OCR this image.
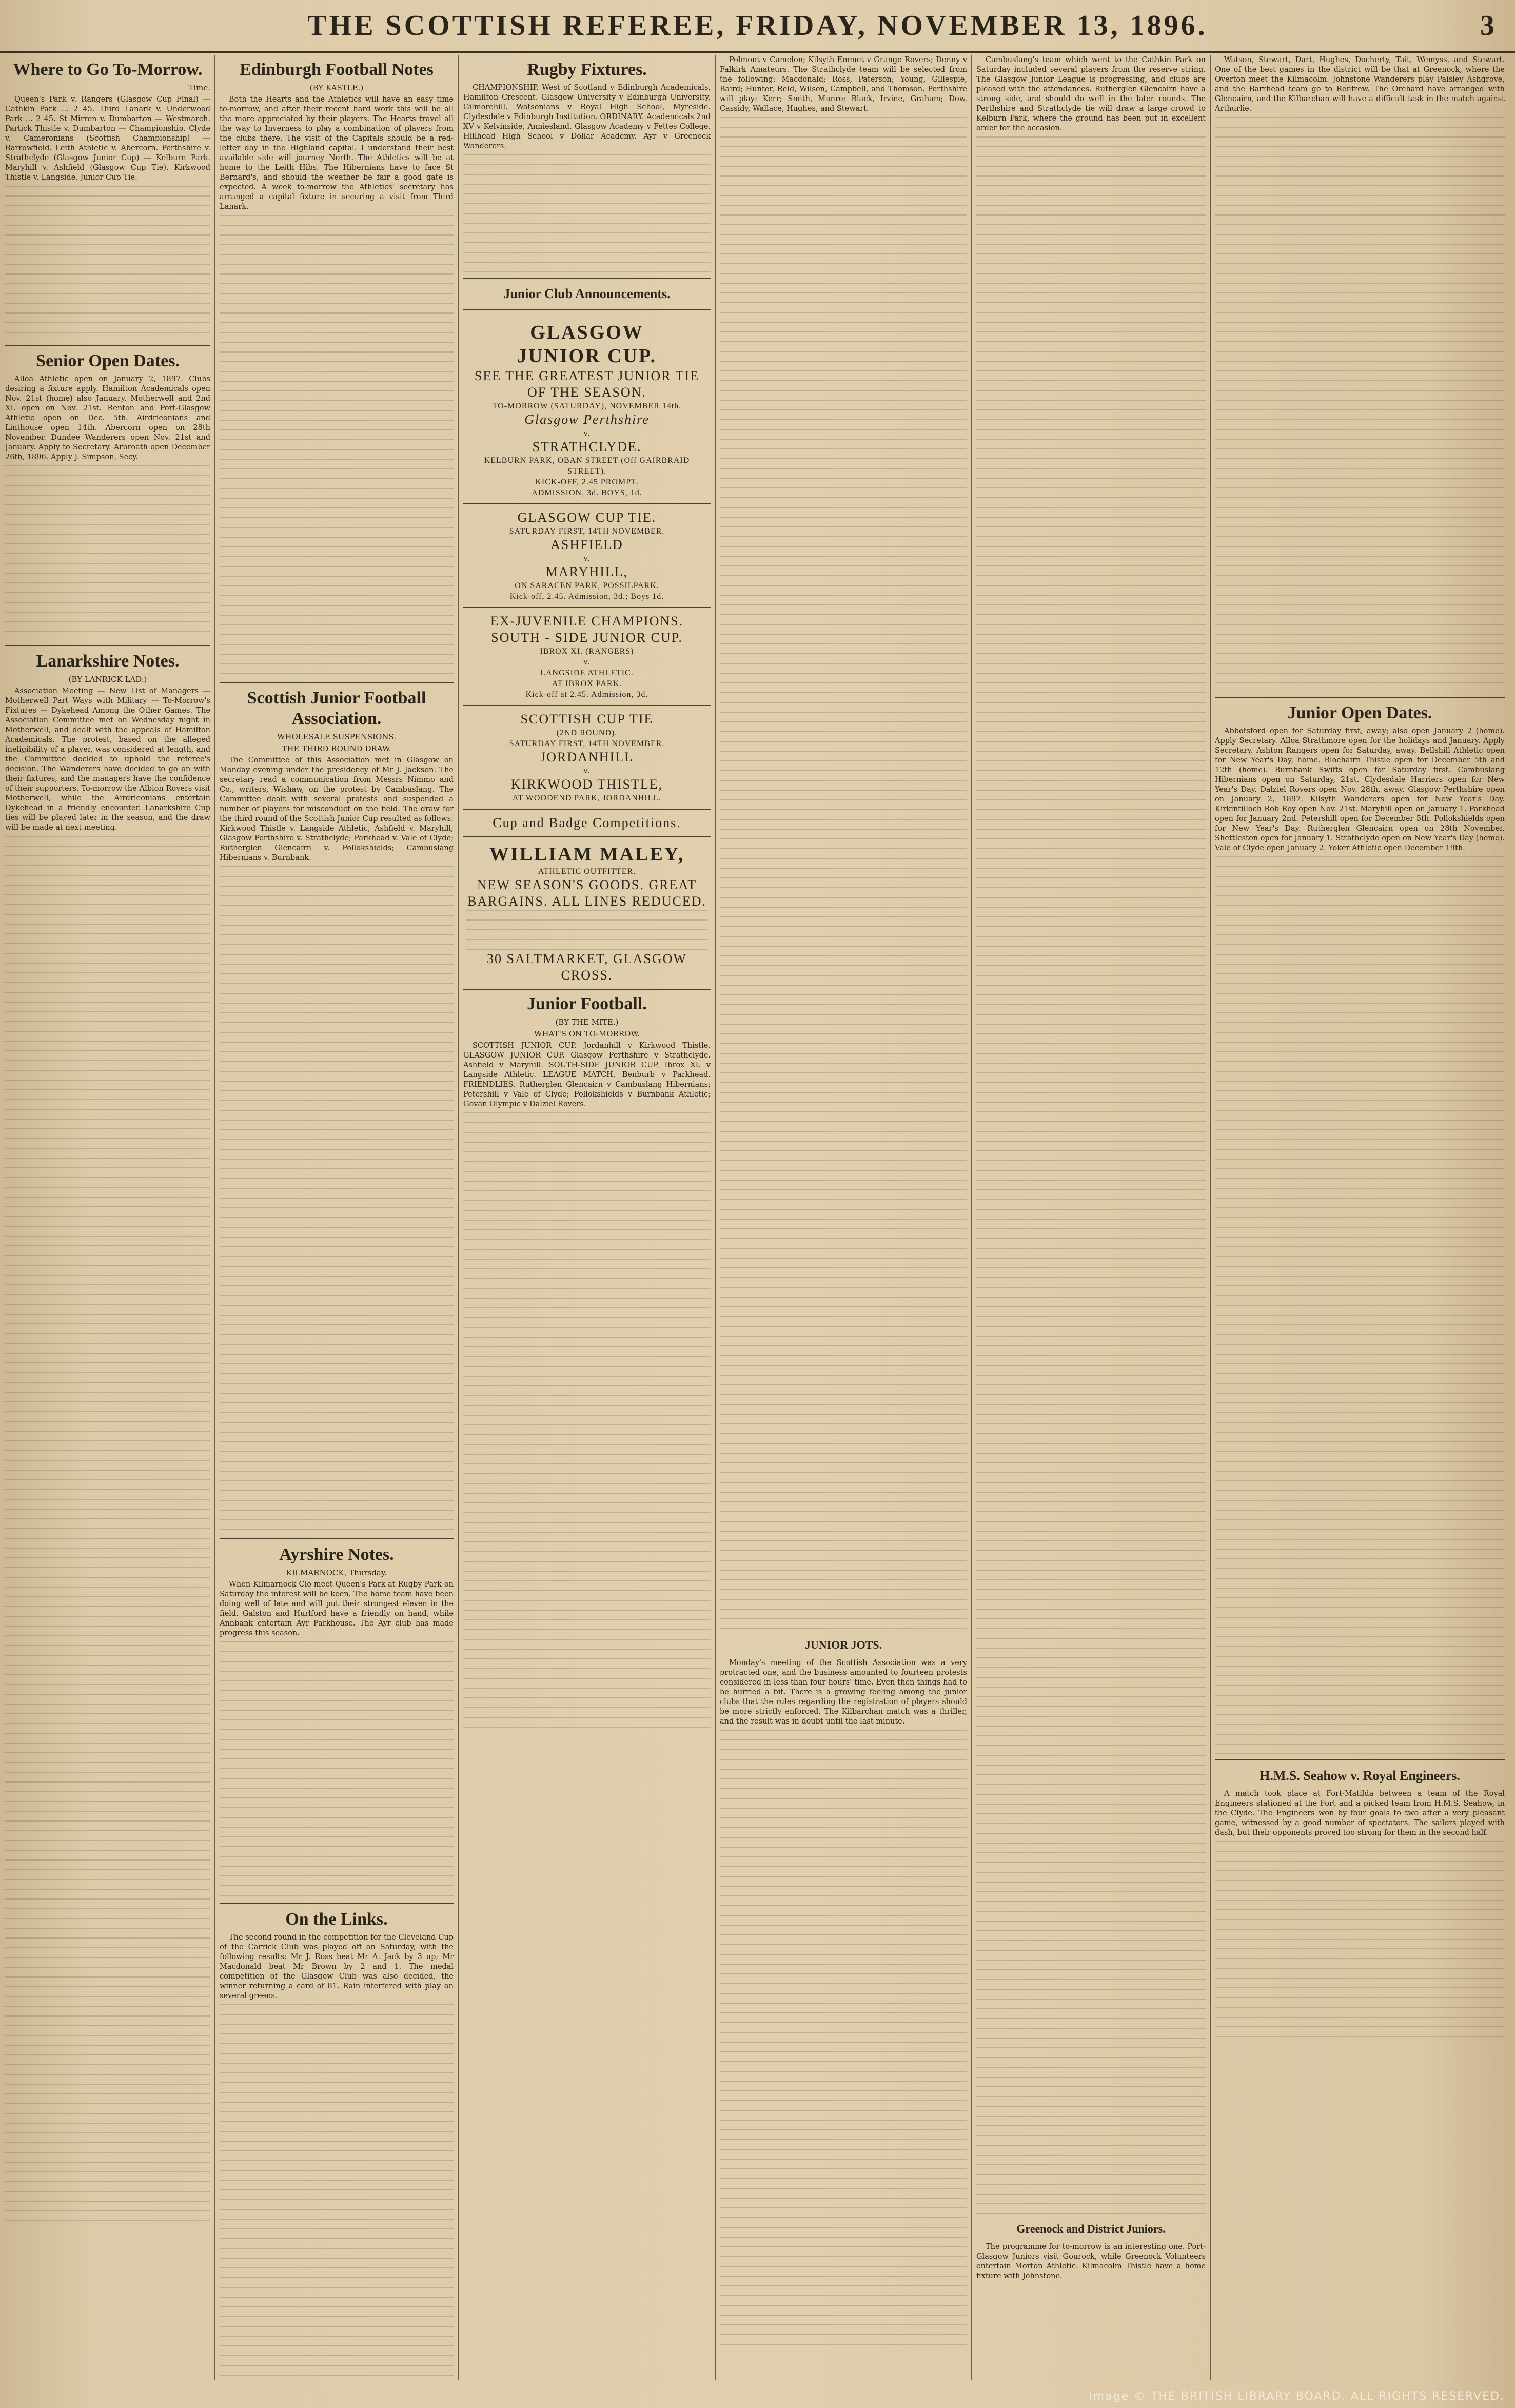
THE SCOTTISH REFEREE, FRIDAY, NOVEMBER 13, 1896.	3
Where to Go To-Morrow.
Time.

Queen's Park v. Rangers (Glasgow Cup Final) — Cathkin Park ... 2 45. Third Lanark v. Underwood Park ... 2 45. St Mirren v. Dumbarton — Westmarch. Partick Thistle v. Dumbarton — Championship. Clyde v. Cameronians (Scottish Championship) — Barrowfield. Leith Athletic v. Abercorn. Perthshire v. Strathclyde (Glasgow Junior Cup) — Kelburn Park. Maryhill v. Ashfield (Glasgow Cup Tie). Kirkwood Thistle v. Langside. Junior Cup Tie.

Senior Open Dates.

Alloa Athletic open on January 2, 1897. Clubs desiring a fixture apply. Hamilton Academicals open Nov. 21st (home) also January. Motherwell and 2nd XI. open on Nov. 21st. Renton and Port-Glasgow Athletic open on Dec. 5th. Airdrieonians and Linthouse open 14th. Abercorn open on 28th November. Dundee Wanderers open Nov. 21st and January. Apply to Secretary. Arbroath open December 26th, 1896. Apply J. Simpson, Secy.

Lanarkshire Notes.
(BY LANRICK LAD.)

Association Meeting — New List of Managers — Motherwell Part Ways with Military — To-Morrow's Fixtures — Dykehead Among the Other Games. The Association Committee met on Wednesday night in Motherwell, and dealt with the appeals of Hamilton Academicals. The protest, based on the alleged ineligibility of a player, was considered at length, and the Committee decided to uphold the referee's decision. The Wanderers have decided to go on with their fixtures, and the managers have the confidence of their supporters. To-morrow the Albion Rovers visit Motherwell, while the Airdrieonians entertain Dykehead in a friendly encounter. Lanarkshire Cup ties will be played later in the season, and the draw will be made at next meeting.

Edinburgh Football Notes
(BY KASTLE.)

Both the Hearts and the Athletics will have an easy time to-morrow, and after their recent hard work this will be all the more appreciated by their players. The Hearts travel all the way to Inverness to play a combination of players from the clubs there. The visit of the Capitals should be a red-letter day in the Highland capital. I understand their best available side will journey North. The Athletics will be at home to the Leith Hibs. The Hibernians have to face St Bernard's, and should the weather be fair a good gate is expected. A week to-morrow the Athletics' secretary has arranged a capital fixture in securing a visit from Third Lanark.

Scottish Junior Football Association.
WHOLESALE SUSPENSIONS.
THE THIRD ROUND DRAW.

The Committee of this Association met in Glasgow on Monday evening under the presidency of Mr J. Jackson. The secretary read a communication from Messrs Nimmo and Co., writers, Wishaw, on the protest by Cambuslang. The Committee dealt with several protests and suspended a number of players for misconduct on the field. The draw for the third round of the Scottish Junior Cup resulted as follows: Kirkwood Thistle v. Langside Athletic; Ashfield v. Maryhill; Glasgow Perthshire v. Strathclyde; Parkhead v. Vale of Clyde; Rutherglen Glencairn v. Pollokshields; Cambuslang Hibernians v. Burnbank.

Ayrshire Notes.
KILMARNOCK, Thursday.

When Kilmarnock Clo meet Queen's Park at Rugby Park on Saturday the interest will be keen. The home team have been doing well of late and will put their strongest eleven in the field. Galston and Hurlford have a friendly on hand, while Annbank entertain Ayr Parkhouse. The Ayr club has made progress this season.

On the Links.

The second round in the competition for the Cleveland Cup of the Carrick Club was played off on Saturday, with the following results: Mr J. Ross beat Mr A. Jack by 3 up; Mr Macdonald beat Mr Brown by 2 and 1. The medal competition of the Glasgow Club was also decided, the winner returning a card of 81. Rain interfered with play on several greens.

Rugby Fixtures.

CHAMPIONSHIP. West of Scotland v Edinburgh Academicals, Hamilton Crescent. Glasgow University v Edinburgh University, Gilmorehill. Watsonians v Royal High School, Myreside. Clydesdale v Edinburgh Institution. ORDINARY. Academicals 2nd XV v Kelvinside, Anniesland. Glasgow Academy v Fettes College. Hillhead High School v Dollar Academy. Ayr v Greenock Wanderers.

Junior Club Announcements.
GLASGOW
JUNIOR CUP.
SEE THE GREATEST JUNIOR TIE OF THE SEASON.
TO-MORROW (SATURDAY), NOVEMBER 14th.
Glasgow Perthshire
v.
STRATHCLYDE.
KELBURN PARK, OBAN STREET (Off GAIRBRAID STREET).
KICK-OFF, 2.45 PROMPT.
ADMISSION, 3d. BOYS, 1d.
GLASGOW CUP TIE.
SATURDAY FIRST, 14TH NOVEMBER.
ASHFIELD
v.
MARYHILL,
ON SARACEN PARK, POSSILPARK.
Kick-off, 2.45. Admission, 3d.; Boys 1d.
EX-JUVENILE CHAMPIONS.
SOUTH - SIDE JUNIOR CUP.
IBROX XI. (RANGERS)
v.
LANGSIDE ATHLETIC.
AT IBROX PARK.
Kick-off at 2.45. Admission, 3d.
SCOTTISH CUP TIE
(2ND ROUND).
SATURDAY FIRST, 14TH NOVEMBER.
JORDANHILL
v.
KIRKWOOD THISTLE,
AT WOODEND PARK, JORDANHILL.
Cup and Badge Competitions.
WILLIAM MALEY,
ATHLETIC OUTFITTER.
NEW SEASON'S GOODS. GREAT BARGAINS. ALL LINES REDUCED.
30 SALTMARKET, GLASGOW CROSS.
Junior Football.
(BY THE MITE.)
WHAT'S ON TO-MORROW.

SCOTTISH JUNIOR CUP. Jordanhill v Kirkwood Thistle. GLASGOW JUNIOR CUP. Glasgow Perthshire v Strathclyde. Ashfield v Maryhill. SOUTH-SIDE JUNIOR CUP. Ibrox XI. v Langside Athletic. LEAGUE MATCH. Benburb v Parkhead. FRIENDLIES. Rutherglen Glencairn v Cambuslang Hibernians; Petershill v Vale of Clyde; Pollokshields v Burnbank Athletic; Govan Olympic v Dalziel Rovers.

Polmont v Camelon; Kilsyth Emmet v Grange Rovers; Denny v Falkirk Amateurs. The Strathclyde team will be selected from the following: Macdonald; Ross, Paterson; Young, Gillespie, Baird; Hunter, Reid, Wilson, Campbell, and Thomson. Perthshire will play: Kerr; Smith, Munro; Black, Irvine, Graham; Dow, Cassidy, Wallace, Hughes, and Stewart.

JUNIOR JOTS.

Monday's meeting of the Scottish Association was a very protracted one, and the business amounted to fourteen protests considered in less than four hours' time. Even then things had to be hurried a bit. There is a growing feeling among the junior clubs that the rules regarding the registration of players should be more strictly enforced. The Kilbarchan match was a thriller, and the result was in doubt until the last minute.

Cambuslang's team which went to the Cathkin Park on Saturday included several players from the reserve string. The Glasgow Junior League is progressing, and clubs are pleased with the attendances. Rutherglen Glencairn have a strong side, and should do well in the later rounds. The Perthshire and Strathclyde tie will draw a large crowd to Kelburn Park, where the ground has been put in excellent order for the occasion.

Greenock and District Juniors.

The programme for to-morrow is an interesting one. Port-Glasgow Juniors visit Gourock, while Greenock Volunteers entertain Morton Athletic. Kilmacolm Thistle have a home fixture with Johnstone.

Watson, Stewart, Dart, Hughes, Docherty, Tait, Wemyss, and Stewart. One of the best games in the district will be that at Greenock, where the Overton meet the Kilmacolm. Johnstone Wanderers play Paisley Ashgrove, and the Barrhead team go to Renfrew. The Orchard have arranged with Glencairn, and the Kilbarchan will have a difficult task in the match against Arthurlie.

Junior Open Dates.

Abbotsford open for Saturday first, away; also open January 2 (home). Apply Secretary. Alloa Strathmore open for the holidays and January. Apply Secretary. Ashton Rangers open for Saturday, away. Bellshill Athletic open for New Year's Day, home. Blochairn Thistle open for December 5th and 12th (home). Burnbank Swifts open for Saturday first. Cambuslang Hibernians open on Saturday, 21st. Clydesdale Harriers open for New Year's Day. Dalziel Rovers open Nov. 28th, away. Glasgow Perthshire open on January 2, 1897. Kilsyth Wanderers open for New Year's Day. Kirkintilloch Rob Roy open Nov. 21st. Maryhill open on January 1. Parkhead open for January 2nd. Petershill open for December 5th. Pollokshields open for New Year's Day. Rutherglen Glencairn open on 28th November. Shettleston open for January 1. Strathclyde open on New Year's Day (home). Vale of Clyde open January 2. Yoker Athletic open December 19th.

H.M.S. Seahow v. Royal Engineers.

A match took place at Fort-Matilda between a team of the Royal Engineers stationed at the Fort and a picked team from H.M.S. Seahow, in the Clyde. The Engineers won by four goals to two after a very pleasant game, witnessed by a good number of spectators. The sailors played with dash, but their opponents proved too strong for them in the second half.

Image © THE BRITISH LIBRARY BOARD. ALL RIGHTS RESERVED.
